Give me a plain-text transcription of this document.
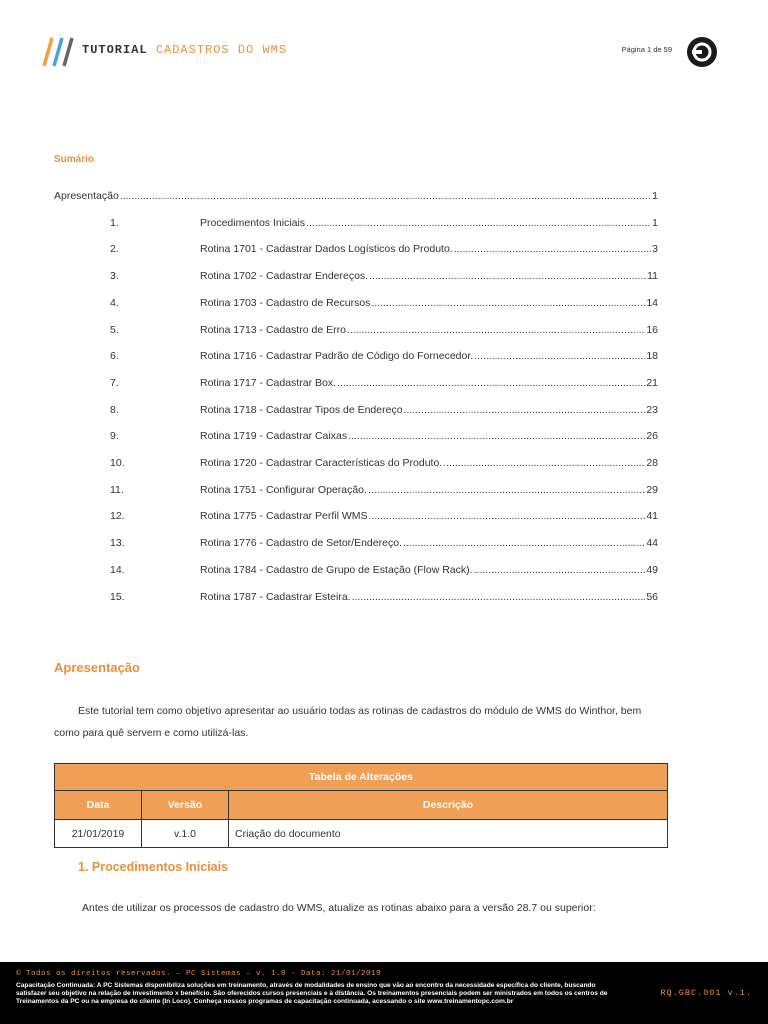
TUTORIAL CADASTROS DO WMS	Página 1 de 59
Sumário
Apresentação .....	1
1.	Procedimentos Iniciais .....	1
2.	Rotina 1701 - Cadastrar Dados Logísticos do Produto. .....	3
3.	Rotina 1702 - Cadastrar Endereços. .....	11
4.	Rotina 1703 - Cadastro de Recursos .....	14
5.	Rotina 1713 - Cadastro de Erro .....	16
6.	Rotina 1716 - Cadastrar Padrão de Código do Fornecedor. .....	18
7.	Rotina 1717 - Cadastrar Box. .....	21
8.	Rotina 1718 - Cadastrar Tipos de Endereço .....	23
9.	Rotina 1719 - Cadastrar Caixas .....	26
10.	Rotina 1720 - Cadastrar Características do Produto. .....	28
11.	Rotina 1751 - Configurar Operação. .....	29
12.	Rotina 1775 - Cadastrar Perfil WMS .....	41
13.	Rotina 1776 - Cadastro de Setor/Endereço. .....	44
14.	Rotina 1784 - Cadastro de Grupo de Estação (Flow Rack). .....	49
15.	Rotina 1787 - Cadastrar Esteira. .....	56
Apresentação
Este tutorial tem como objetivo apresentar ao usuário todas as rotinas de cadastros do módulo de WMS do Winthor, bem como para quê servem e como utilizá-las.
Tabela de Alterações		
Data	Versão	Descrição
21/01/2019	v.1.0	Criação do documento
1. Procedimentos Iniciais
Antes de utilizar os processos de cadastro do WMS, atualize as rotinas abaixo para a versão 28.7 ou superior:
© Todos os direitos reservados. – PC Sistemas – v. 1.0 - Data: 21/01/2019
Capacitação Continuada: A PC Sistemas disponibiliza soluções em treinamento, através de modalidades de ensino que vão ao encontro da necessidade específica do cliente, buscando satisfazer seu objetivo na relação de investimento x benefício. São oferecidos cursos presenciais e à distância. Os treinamentos presenciais podem ser ministrados em todos os centros de Treinamentos da PC ou na empresa do cliente (In Loco). Conheça nossos programas de capacitação continuada, acessando o site www.treinamentopc.com.br
RQ.GBC.001 v.1.
